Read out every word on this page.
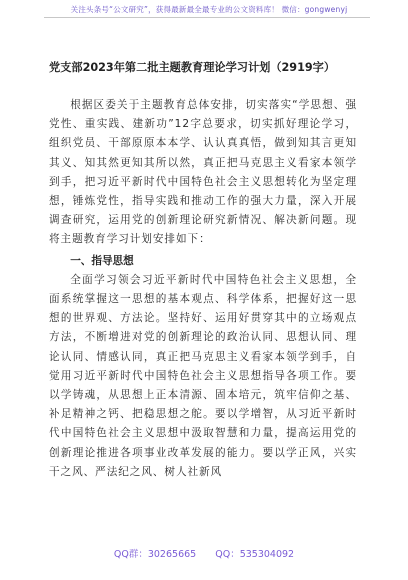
关注头条号“公文研究”，获得最新最全最专业的公文资料库！ 微信：gongwenyj
党支部2023年第二批主题教育理论学习计划（2919字）

根据区委关于主题教育总体安排，切实落实“学思想、强党性、重实践、建新功”12字总要求，切实抓好理论学习，组织党员、干部原原本本学、认认真真悟，做到知其言更知其义、知其然更知其所以然，真正把马克思主义看家本领学到手，把习近平新时代中国特色社会主义思想转化为坚定理想，锤炼党性，指导实践和推动工作的强大力量，深入开展调查研究，运用党的创新理论研究新情况、解决新问题。现将主题教育学习计划安排如下：

一、指导思想

全面学习领会习近平新时代中国特色社会主义思想，全面系统掌握这一思想的基本观点、科学体系，把握好这一思想的世界观、方法论。坚持好、运用好贯穿其中的立场观点方法，不断增进对党的创新理论的政治认同、思想认同、理论认同、情感认同，真正把马克思主义看家本领学到手，自觉用习近平新时代中国特色社会主义思想指导各项工作。要以学铸魂，从思想上正本清源、固本培元，筑牢信仰之基、补足精神之钙、把稳思想之舵。要以学增智，从习近平新时代中国特色社会主义思想中汲取智慧和力量，提高运用党的创新理论推进各项事业改革发展的能力。要以学正风，兴实干之风、严法纪之风、树人社新风

QQ群：30265665 QQ：535304092
